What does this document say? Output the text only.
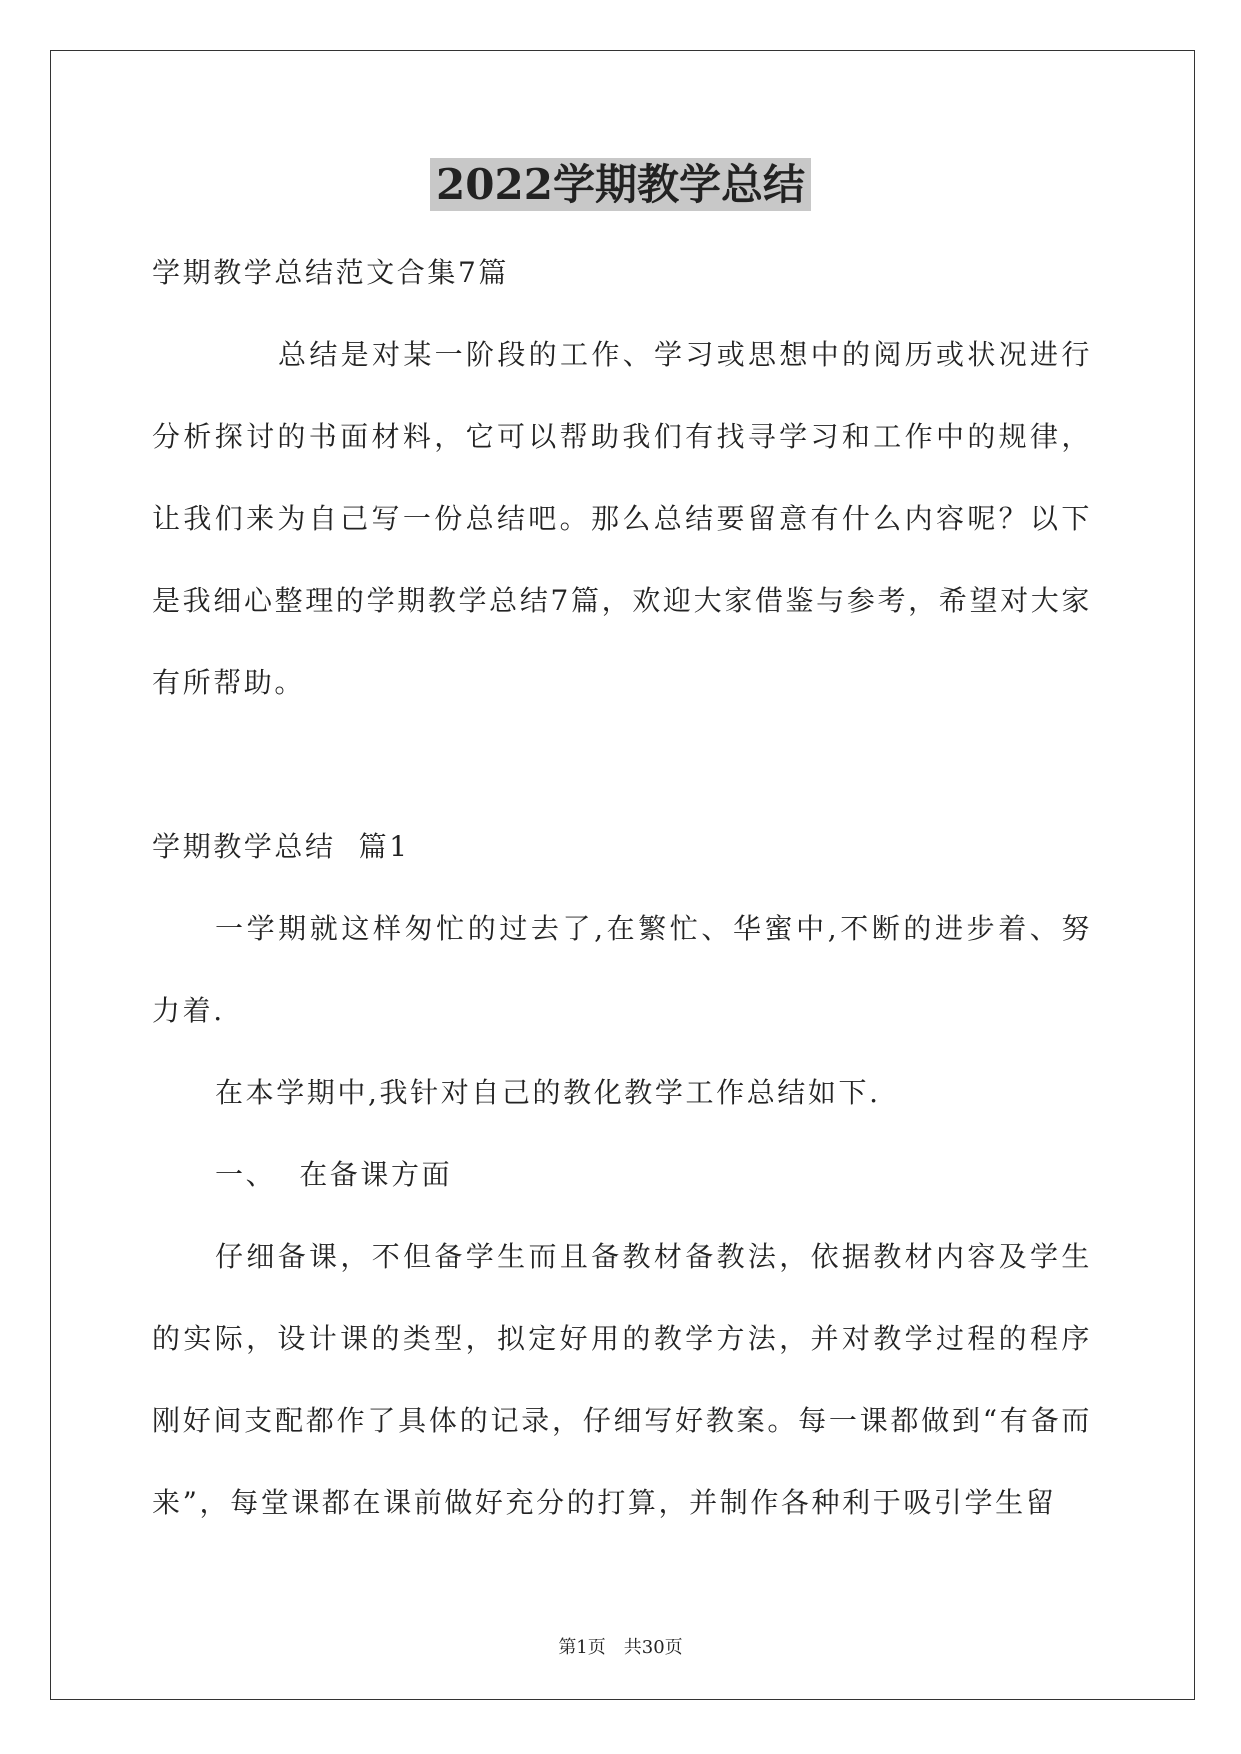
2022学期教学总结

学期教学总结范文合集7篇

总结是对某一阶段的工作、学习或思想中的阅历或状况进行分析探讨的书面材料，它可以帮助我们有找寻学习和工作中的规律，让我们来为自己写一份总结吧。那么总结要留意有什么内容呢？以下是我细心整理的学期教学总结7篇，欢迎大家借鉴与参考，希望对大家有所帮助。

学期教学总结  篇1

一学期就这样匆忙的过去了,在繁忙、华蜜中,不断的进步着、努力着.

在本学期中,我针对自己的教化教学工作总结如下.

一、  在备课方面

仔细备课，不但备学生而且备教材备教法，依据教材内容及学生的实际，设计课的类型，拟定好用的教学方法，并对教学过程的程序刚好间支配都作了具体的记录，仔细写好教案。每一课都做到“有备而来”，每堂课都在课前做好充分的打算，并制作各种利于吸引学生留

第1页 共30页
